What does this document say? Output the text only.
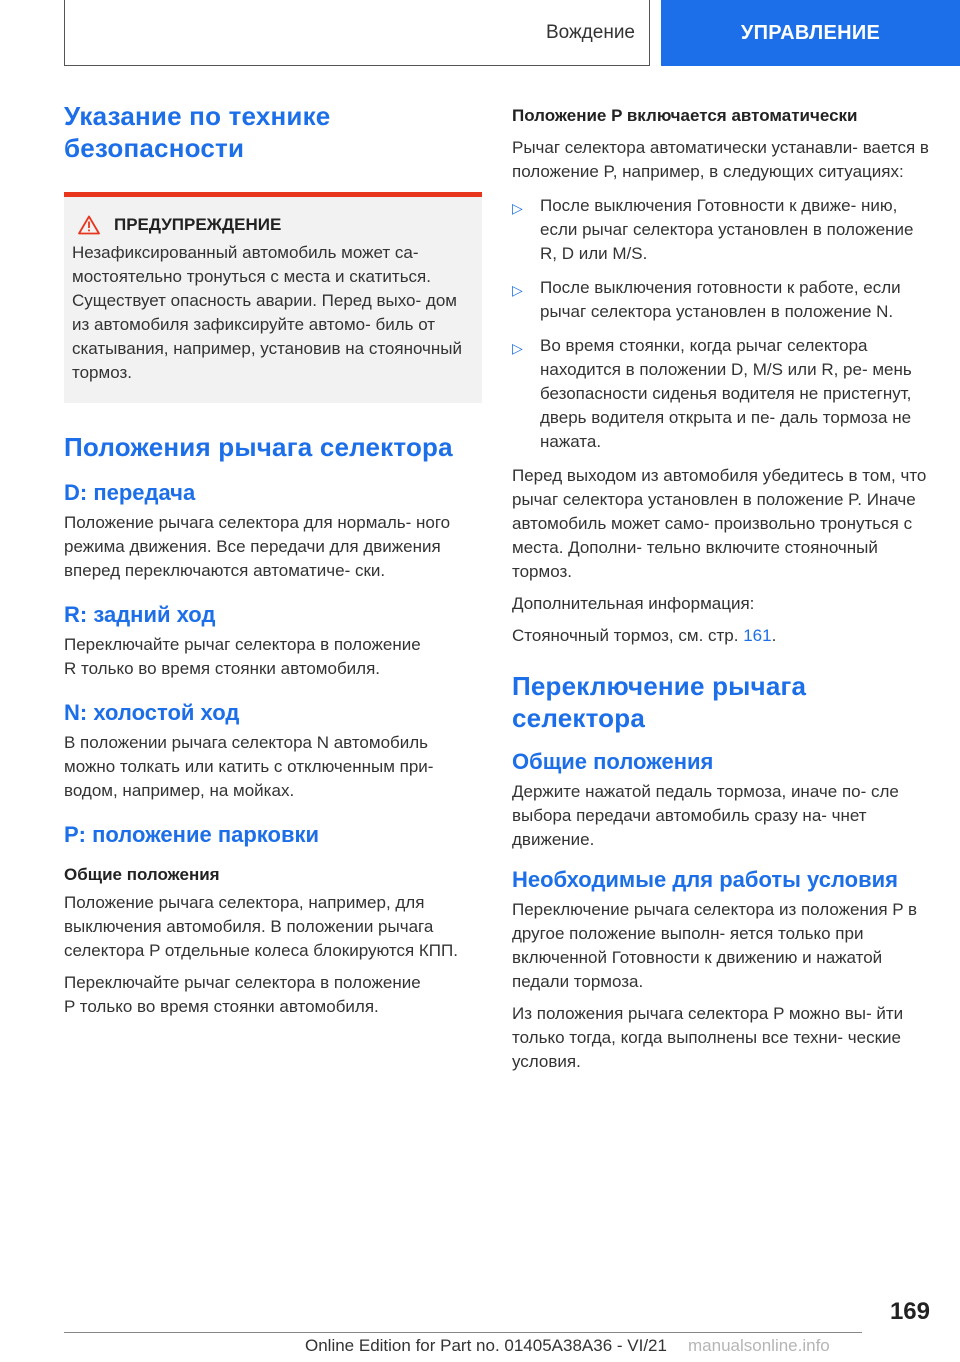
Вождение	УПРАВЛЕНИЕ
Указание по технике безопасности
ПРЕДУПРЕЖДЕНИЕ

Незафиксированный автомобиль может са- мостоятельно тронуться с места и скатиться. Существует опасность аварии. Перед выхо- дом из автомобиля зафиксируйте автомо- биль от скатывания, например, установив на стояночный тормоз.

Положения рычага селектора
D: передача

Положение рычага селектора для нормаль- ного режима движения. Все передачи для движения вперед переключаются автоматиче- ски.

R: задний ход

Переключайте рычаг селектора в положение R только во время стоянки автомобиля.

N: холостой ход

В положении рычага селектора N автомобиль можно толкать или катить с отключенным при- водом, например, на мойках.

P: положение парковки
Общие положения

Положение рычага селектора, например, для выключения автомобиля. В положении рычага селектора P отдельные колеса блокируются КПП.

Переключайте рычаг селектора в положение P только во время стоянки автомобиля.

Положение P включается автоматически

Рычаг селектора автоматически устанавли- вается в положение P, например, в следующих ситуациях:

▷ После выключения Готовности к движе- нию, если рычаг селектора установлен в положение R, D или M/S.
▷ После выключения готовности к работе, если рычаг селектора установлен в положение N.
▷ Во время стоянки, когда рычаг селектора находится в положении D, M/S или R, ре- мень безопасности сиденья водителя не пристегнут, дверь водителя открыта и пе- даль тормоза не нажата.

Перед выходом из автомобиля убедитесь в том, что рычаг селектора установлен в положение P. Иначе автомобиль может само- произвольно тронуться с места. Дополни- тельно включите стояночный тормоз.

Дополнительная информация:

Стояночный тормоз, см. стр. 161.

Переключение рычага селектора
Общие положения

Держите нажатой педаль тормоза, иначе по- сле выбора передачи автомобиль сразу на- чнет движение.

Необходимые для работы условия

Переключение рычага селектора из положения P в другое положение выполн- яется только при включенной Готовности к движению и нажатой педали тормоза.

Из положения рычага селектора P можно вы- йти только тогда, когда выполнены все техни- ческие условия.

169
Online Edition for Part no. 01405A38A36 - VI/21 manualsonline.info
